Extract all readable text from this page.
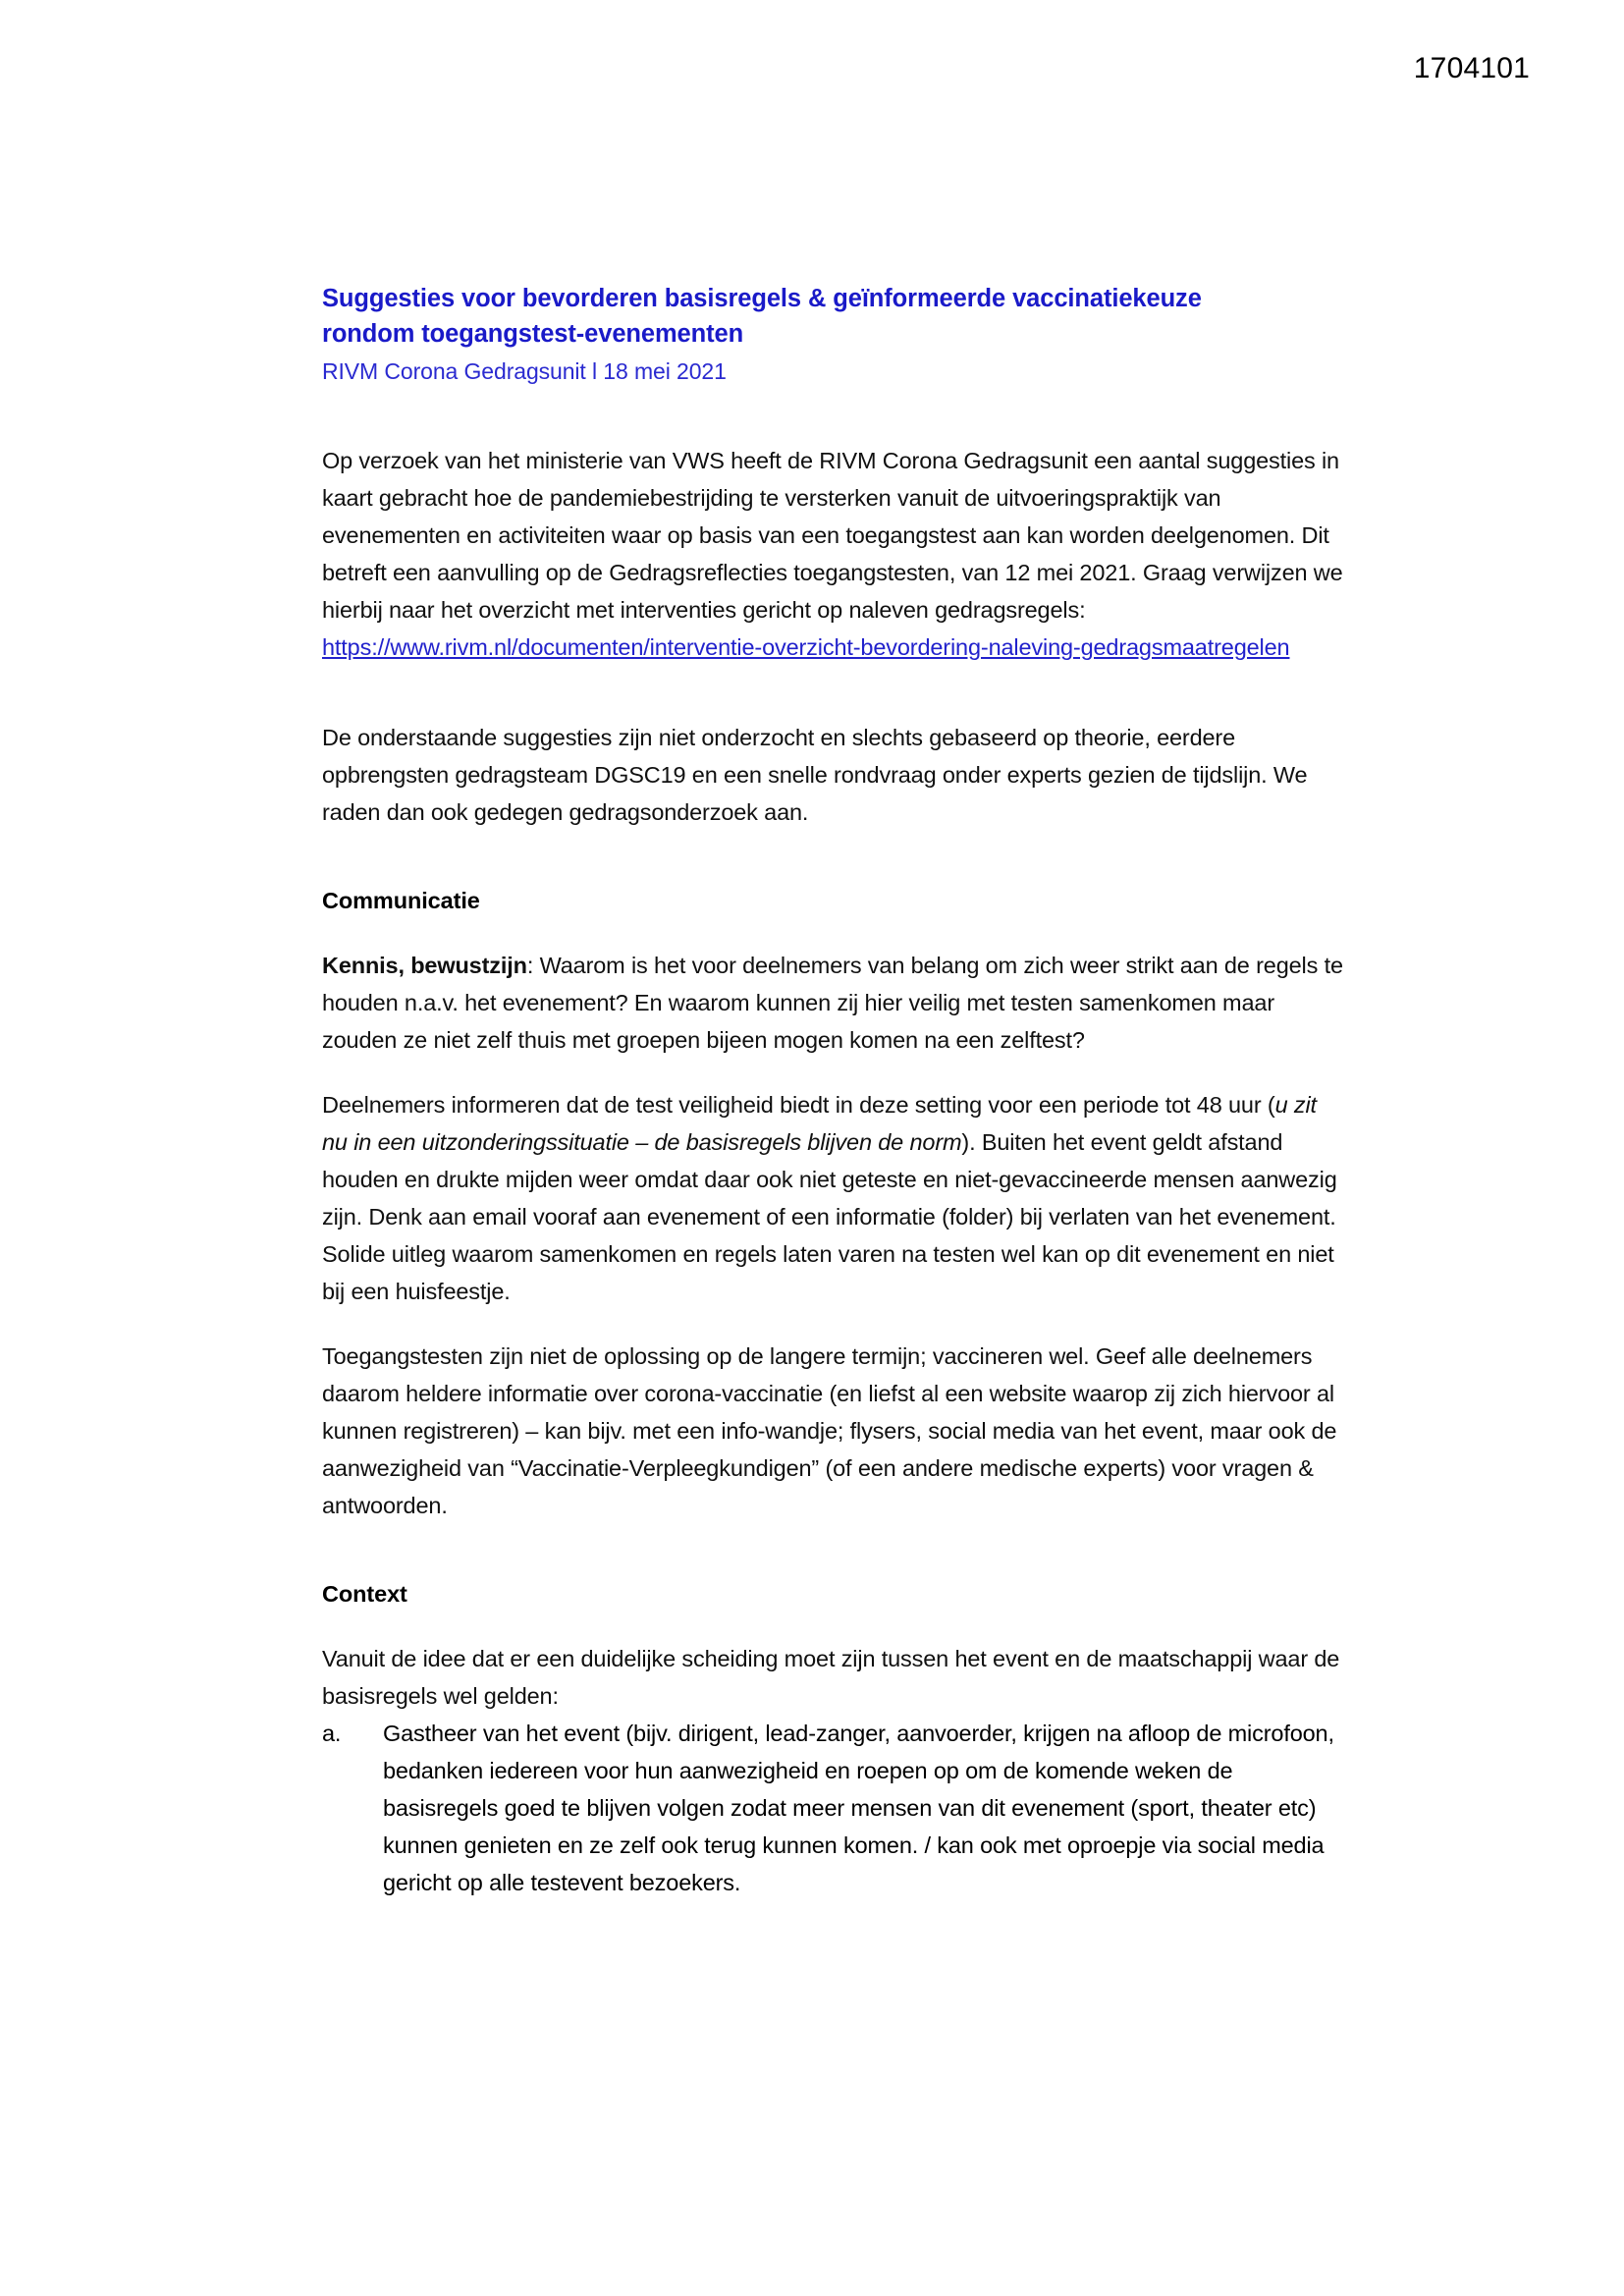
1704101
Suggesties voor bevorderen basisregels & geïnformeerde vaccinatiekeuze
rondom toegangstest-evenementen
RIVM Corona Gedragsunit l 18 mei 2021

Op verzoek van het ministerie van VWS heeft de RIVM Corona Gedragsunit een aantal suggesties in kaart gebracht hoe de pandemiebestrijding te versterken vanuit de uitvoeringspraktijk van evenementen en activiteiten waar op basis van een toegangstest aan kan worden deelgenomen. Dit betreft een aanvulling op de Gedragsreflecties toegangstesten, van 12 mei 2021. Graag verwijzen we hierbij naar het overzicht met interventies gericht op naleven gedragsregels:

https://www.rivm.nl/documenten/interventie-overzicht-bevordering-naleving-gedragsmaatregelen

De onderstaande suggesties zijn niet onderzocht en slechts gebaseerd op theorie, eerdere opbrengsten gedragsteam DGSC19 en een snelle rondvraag onder experts gezien de tijdslijn. We raden dan ook gedegen gedragsonderzoek aan.

Communicatie

Kennis, bewustzijn: Waarom is het voor deelnemers van belang om zich weer strikt aan de regels te houden n.a.v. het evenement? En waarom kunnen zij hier veilig met testen samenkomen maar zouden ze niet zelf thuis met groepen bijeen mogen komen na een zelftest?

Deelnemers informeren dat de test veiligheid biedt in deze setting voor een periode tot 48 uur (u zit nu in een uitzonderingssituatie – de basisregels blijven de norm). Buiten het event geldt afstand houden en drukte mijden weer omdat daar ook niet geteste en niet-gevaccineerde mensen aanwezig zijn. Denk aan email vooraf aan evenement of een informatie (folder) bij verlaten van het evenement. Solide uitleg waarom samenkomen en regels laten varen na testen wel kan op dit evenement en niet bij een huisfeestje.

Toegangstesten zijn niet de oplossing op de langere termijn; vaccineren wel. Geef alle deelnemers daarom heldere informatie over corona-vaccinatie (en liefst al een website waarop zij zich hiervoor al kunnen registreren) – kan bijv. met een info-wandje; flysers, social media van het event, maar ook de aanwezigheid van “Vaccinatie-Verpleegkundigen” (of een andere medische experts) voor vragen & antwoorden.

Context

Vanuit de idee dat er een duidelijke scheiding moet zijn tussen het event en de maatschappij waar de basisregels wel gelden:

a.	Gastheer van het event (bijv. dirigent, lead-zanger, aanvoerder, krijgen na afloop de microfoon, bedanken iedereen voor hun aanwezigheid en roepen op om de komende weken de basisregels goed te blijven volgen zodat meer mensen van dit evenement (sport, theater etc) kunnen genieten en ze zelf ook terug kunnen komen. / kan ook met oproepje via social media gericht op alle testevent bezoekers.
